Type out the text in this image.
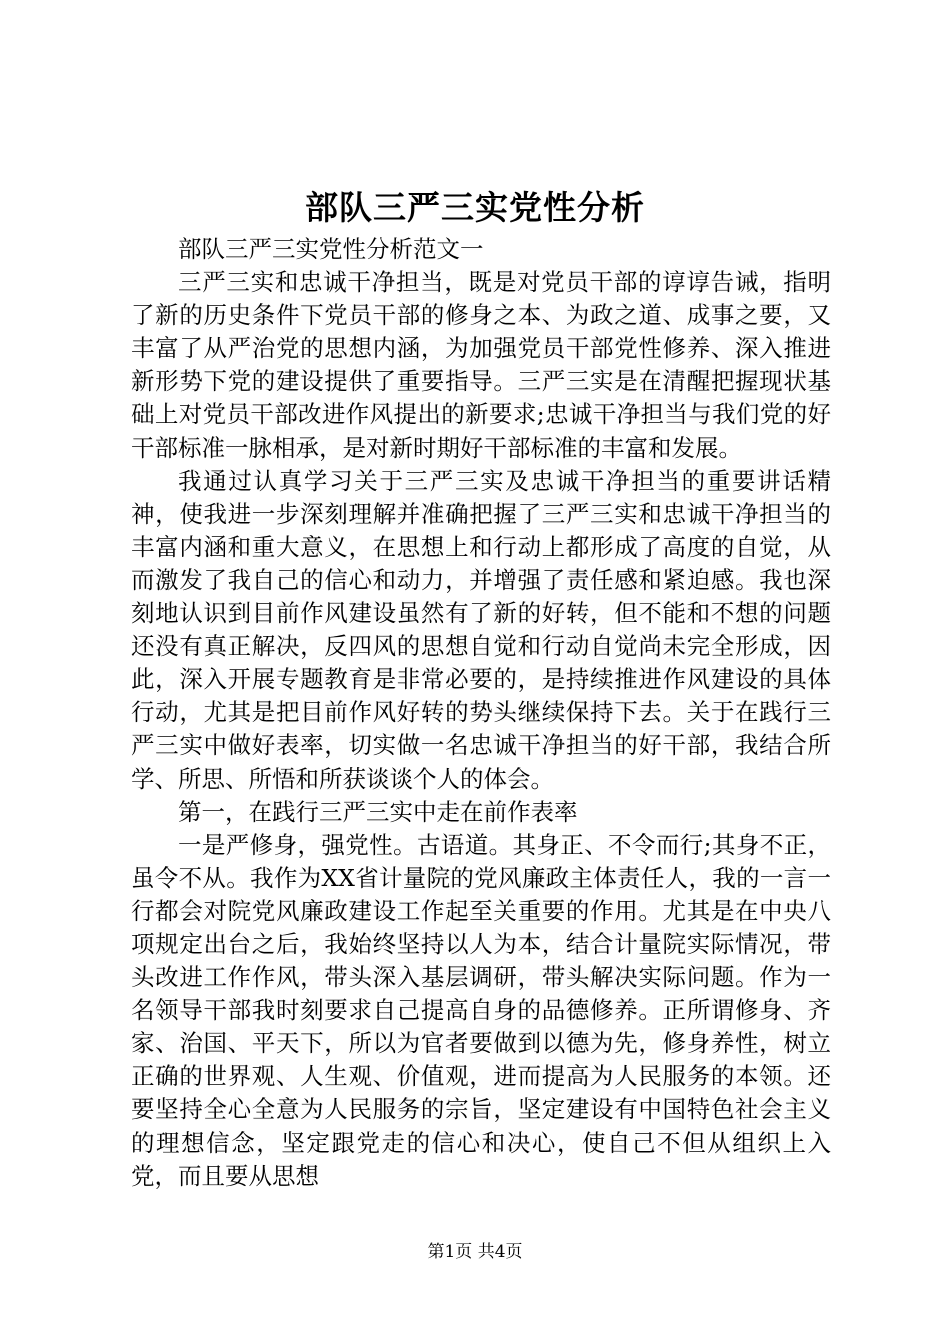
部队三严三实党性分析

部队三严三实党性分析范文一

三严三实和忠诚干净担当，既是对党员干部的谆谆告诫，指明了新的历史条件下党员干部的修身之本、为政之道、成事之要，又丰富了从严治党的思想内涵，为加强党员干部党性修养、深入推进新形势下党的建设提供了重要指导。三严三实是在清醒把握现状基础上对党员干部改进作风提出的新要求;忠诚干净担当与我们党的好干部标准一脉相承，是对新时期好干部标准的丰富和发展。

我通过认真学习关于三严三实及忠诚干净担当的重要讲话精神，使我进一步深刻理解并准确把握了三严三实和忠诚干净担当的丰富内涵和重大意义，在思想上和行动上都形成了高度的自觉，从而激发了我自己的信心和动力，并增强了责任感和紧迫感。我也深刻地认识到目前作风建设虽然有了新的好转，但不能和不想的问题还没有真正解决，反四风的思想自觉和行动自觉尚未完全形成，因此，深入开展专题教育是非常必要的，是持续推进作风建设的具体行动，尤其是把目前作风好转的势头继续保持下去。关于在践行三严三实中做好表率，切实做一名忠诚干净担当的好干部，我结合所学、所思、所悟和所获谈谈个人的体会。

第一，在践行三严三实中走在前作表率

一是严修身，强党性。古语道。其身正、不令而行;其身不正，虽令不从。我作为XX省计量院的党风廉政主体责任人，我的一言一行都会对院党风廉政建设工作起至关重要的作用。尤其是在中央八项规定出台之后，我始终坚持以人为本，结合计量院实际情况，带头改进工作作风，带头深入基层调研，带头解决实际问题。作为一名领导干部我时刻要求自己提高自身的品德修养。正所谓修身、齐家、治国、平天下，所以为官者要做到以德为先，修身养性，树立正确的世界观、人生观、价值观，进而提高为人民服务的本领。还要坚持全心全意为人民服务的宗旨，坚定建设有中国特色社会主义的理想信念，坚定跟党走的信心和决心，使自己不但从组织上入党，而且要从思想

第1页 共4页
